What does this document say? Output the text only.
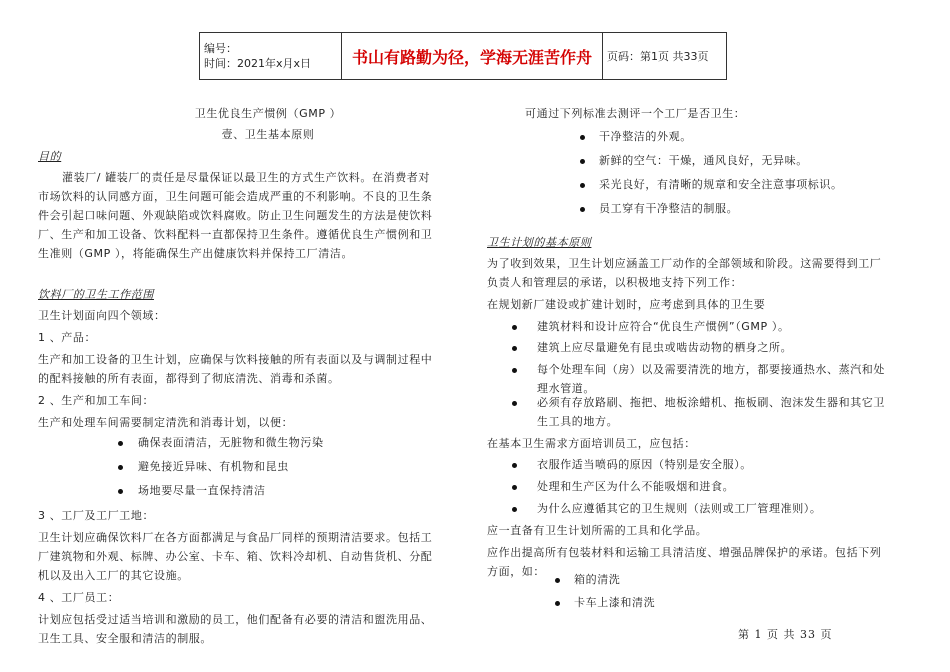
编号：
时间：2021年x月x日	书山有路勤为径，学海无涯苦作舟	页码：第1页 共33页
卫生优良生产惯例（GMP ）
壹、卫生基本原则
目的
灌装厂/ 罐装厂的责任是尽量保证以最卫生的方式生产饮料。在消费者对
市场饮料的认同感方面，卫生问题可能会造成严重的不利影响。不良的卫生条
件会引起口味问题、外观缺陷或饮料腐败。防止卫生问题发生的方法是使饮料
厂、生产和加工设备、饮料配料一直都保持卫生条件。遵循优良生产惯例和卫
生准则（GMP ），将能确保生产出健康饮料并保持工厂清洁。
饮料厂的卫生工作范围
卫生计划面向四个领域：
1 、产品：
生产和加工设备的卫生计划，应确保与饮料接触的所有表面以及与调制过程中
的配料接触的所有表面，都得到了彻底清洗、消毒和杀菌。
2 、生产和加工车间：
生产和处理车间需要制定清洗和消毒计划，以便：
确保表面清洁，无脏物和微生物污染
避免接近异味、有机物和昆虫
场地要尽量一直保持清洁
3 、工厂及工厂工地：
卫生计划应确保饮料厂在各方面都满足与食品厂同样的预期清洁要求。包括工
厂建筑物和外观、标牌、办公室、卡车、箱、饮料冷却机、自动售货机、分配
机以及出入工厂的其它设施。
4 、工厂员工：
计划应包括受过适当培训和激励的员工，他们配备有必要的清洁和盥洗用品、
卫生工具、安全服和清洁的制服。
可通过下列标准去测评一个工厂是否卫生：
干净整洁的外观。
新鲜的空气：干燥，通风良好，无异味。
采光良好，有清晰的规章和安全注意事项标识。
员工穿有干净整洁的制服。
卫生计划的基本原则
为了收到效果，卫生计划应涵盖工厂动作的全部领域和阶段。这需要得到工厂
负责人和管理层的承诺，以积极地支持下列工作：
在规划新厂建设或扩建计划时，应考虑到具体的卫生要
建筑材料和设计应符合“优良生产惯例”（GMP ）。
建筑上应尽量避免有昆虫或啮齿动物的栖身之所。
每个处理车间（房）以及需要清洗的地方，都要接通热水、蒸汽和处
理水管道。
必须有存放路刷、拖把、地板涂蜡机、拖板刷、泡沫发生器和其它卫
生工具的地方。
在基本卫生需求方面培训员工，应包括：
衣服作适当喷码的原因（特别是安全服）。
处理和生产区为什么不能吸烟和进食。
为什么应遵循其它的卫生规则（法则或工厂管理准则）。
应一直备有卫生计划所需的工具和化学品。
应作出提高所有包装材料和运输工具清洁度、增强品牌保护的承诺。包括下列
方面，如：
箱的清洗
卡车上漆和清洗
第 1 页 共 33 页
